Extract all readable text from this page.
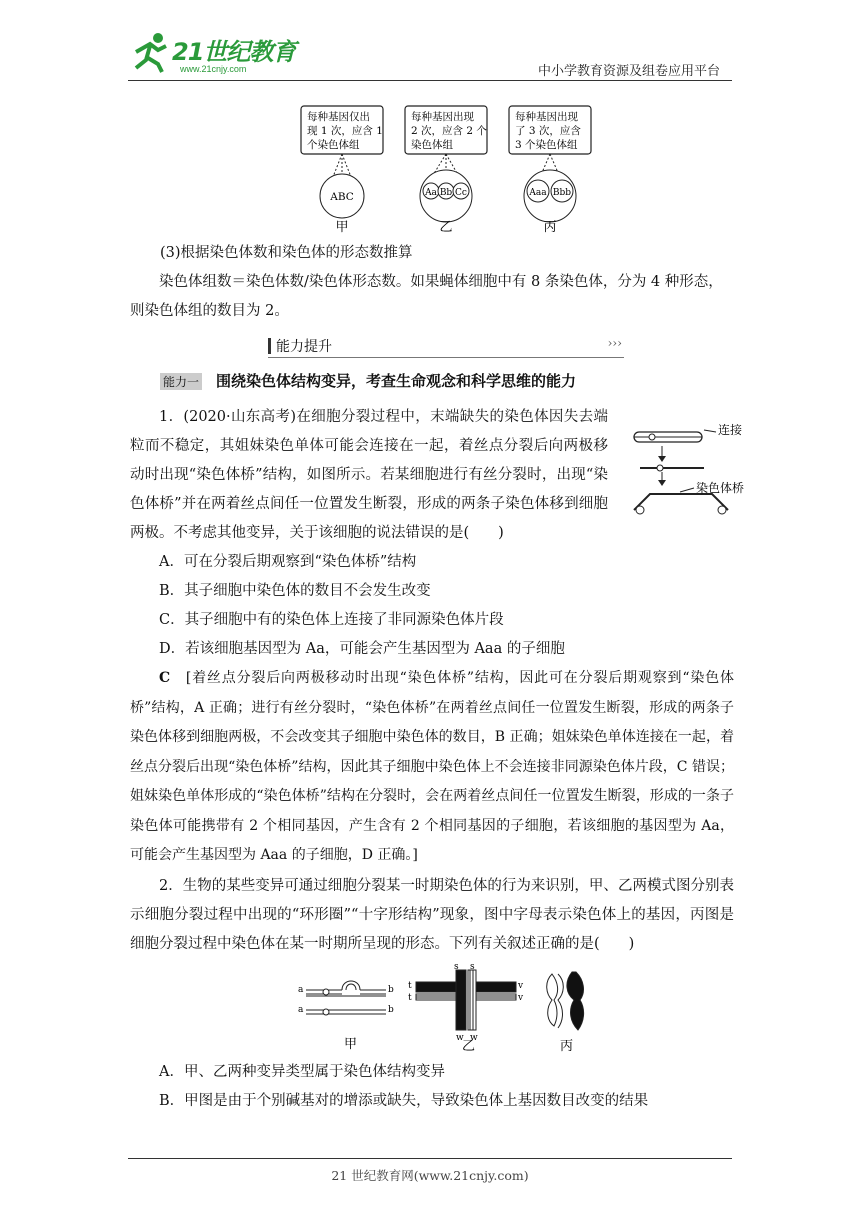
21世纪教育
www.21cnjy.com	中小学教育资源及组卷应用平台
每种基因仅出
现 1 次，应含 1
个染色体组
每种基因出现
2 次，应含 2 个
染色体组
每种基因出现
了 3 次，应含
3 个染色体组
ABC	Aa Bb Cc	Aaa Bbb
甲	乙	丙
(3)根据染色体数和染色体的形态数推算
染色体组数＝染色体数/染色体形态数。如果蝇体细胞中有 8 条染色体，分为 4 种形态，则染色体组的数目为 2。
能力提升	›››
能力一 围绕染色体结构变异，考查生命观念和科学思维的能力
1．(2020·山东高考)在细胞分裂过程中，末端缺失的染色体因失去端粒而不稳定，其姐妹染色单体可能会连接在一起，着丝点分裂后向两极移动时出现“染色体桥”结构，如图所示。若某细胞进行有丝分裂时，出现“染色体桥”并在两着丝点间任一位置发生断裂，形成的两条子染色体移到细胞两极。不考虑其他变异，关于该细胞的说法错误的是(　　)
连接
染色体桥
A．可在分裂后期观察到“染色体桥”结构
B．其子细胞中染色体的数目不会发生改变
C．其子细胞中有的染色体上连接了非同源染色体片段
D．若该细胞基因型为 Aa，可能会产生基因型为 Aaa 的子细胞
C　 [着丝点分裂后向两极移动时出现“染色体桥”结构，因此可在分裂后期观察到“染色体桥”结构，A 正确；进行有丝分裂时，“染色体桥”在两着丝点间任一位置发生断裂，形成的两条子染色体移到细胞两极，不会改变其子细胞中染色体的数目，B 正确；姐妹染色单体连接在一起，着丝点分裂后出现“染色体桥”结构，因此其子细胞中染色体上不会连接非同源染色体片段，C 错误；姐妹染色单体形成的“染色体桥”结构在分裂时，会在两着丝点间任一位置发生断裂，形成的一条子染色体可能携带有 2 个相同基因，产生含有 2 个相同基因的子细胞，若该细胞的基因型为 Aa，可能会产生基因型为 Aaa 的子细胞，D 正确。]
2．生物的某些变异可通过细胞分裂某一时期染色体的行为来识别，甲、乙两模式图分别表示细胞分裂过程中出现的“环形圈”“十字形结构”现象，图中字母表示染色体上的基因，丙图是细胞分裂过程中染色体在某一时期所呈现的形态。下列有关叙述正确的是(　　)
a
a
b
b
甲
s s
t
t
v
v
w w
乙	丙
A．甲、乙两种变异类型属于染色体结构变异
B．甲图是由于个别碱基对的增添或缺失，导致染色体上基因数目改变的结果
21 世纪教育网(www.21cnjy.com)
